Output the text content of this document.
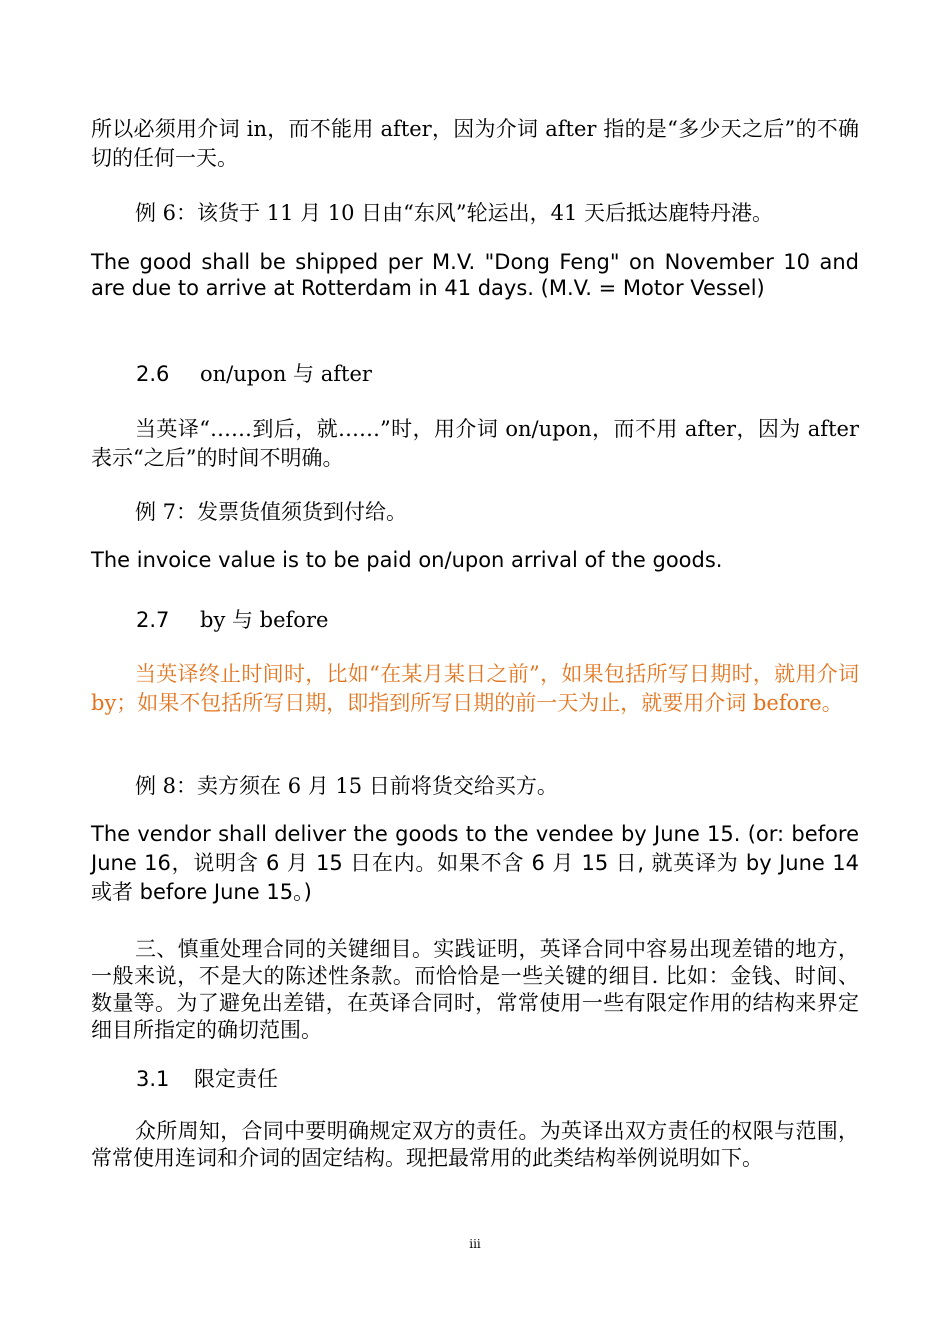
所以必须用介词 in，而不能用 after，因为介词 after 指的是“多少天之后”的不确切的任何一天。

例 6：该货于 11 月 10 日由“东风”轮运出，41 天后抵达鹿特丹港。

The good shall be shipped per M.V. "Dong Feng" on November 10 and are due to arrive at Rotterdam in 41 days. (M.V. = Motor Vessel)

2.6 on/upon 与 after

当英译“……到后，就……”时，用介词 on/upon，而不用 after，因为 after 表示“之后”的时间不明确。

例 7：发票货值须货到付给。

The invoice value is to be paid on/upon arrival of the goods.

2.7 by 与 before

当英译终止时间时，比如“在某月某日之前”，如果包括所写日期时，就用介词 by；如果不包括所写日期，即指到所写日期的前一天为止，就要用介词 before。

例 8：卖方须在 6 月 15 日前将货交给买方。

The vendor shall deliver the goods to the vendee by June 15. (or: before June 16，说明含 6 月 15 日在内。如果不含 6 月 15 日, 就英译为 by June 14 或者 before June 15。)

三、慎重处理合同的关键细目。实践证明，英译合同中容易出现差错的地方，一般来说，不是大的陈述性条款。而恰恰是一些关键的细目. 比如：金钱、时间、数量等。为了避免出差错，在英译合同时，常常使用一些有限定作用的结构来界定细目所指定的确切范围。

3.1 限定责任

众所周知，合同中要明确规定双方的责任。为英译出双方责任的权限与范围，常常使用连词和介词的固定结构。现把最常用的此类结构举例说明如下。

iii
